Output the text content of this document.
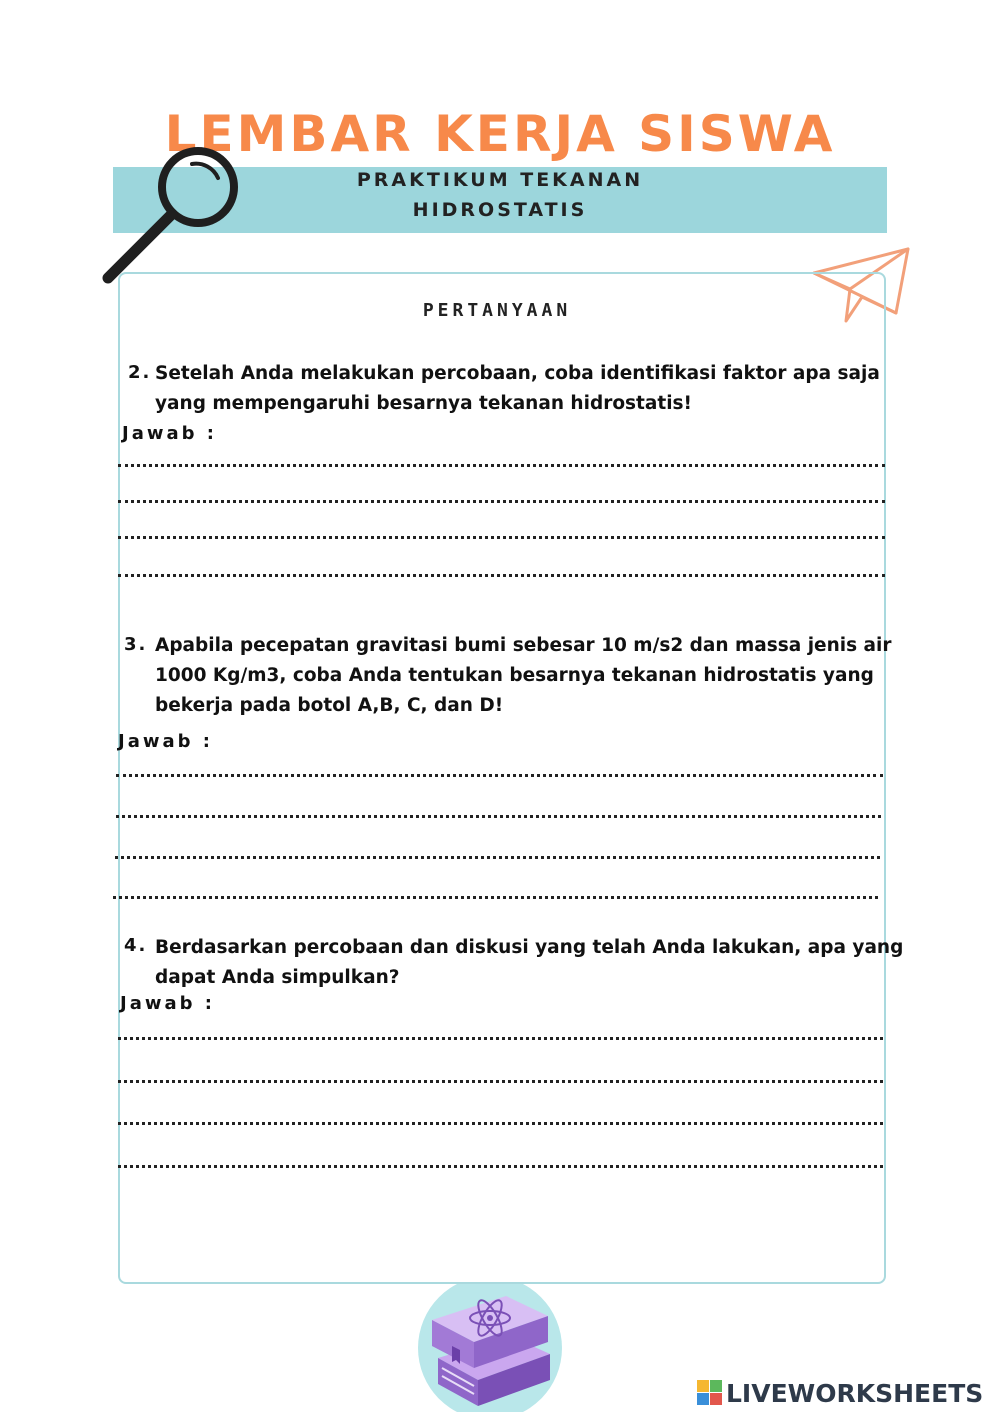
LEMBAR KERJA SISWA
PRAKTIKUM TEKANAN
HIDROSTATIS
PERTANYAAN
2. Setelah Anda melakukan percobaan, coba identifikasi faktor apa saja
yang mempengaruhi besarnya tekanan hidrostatis!
Jawab :
3. Apabila pecepatan gravitasi bumi sebesar 10 m/s2 dan massa jenis air
1000 Kg/m3, coba Anda tentukan besarnya tekanan hidrostatis yang
bekerja pada botol A,B, C, dan D!
Jawab :
4. Berdasarkan percobaan dan diskusi yang telah Anda lakukan, apa yang
dapat Anda simpulkan?
Jawab :
LIVEWORKSHEETS
